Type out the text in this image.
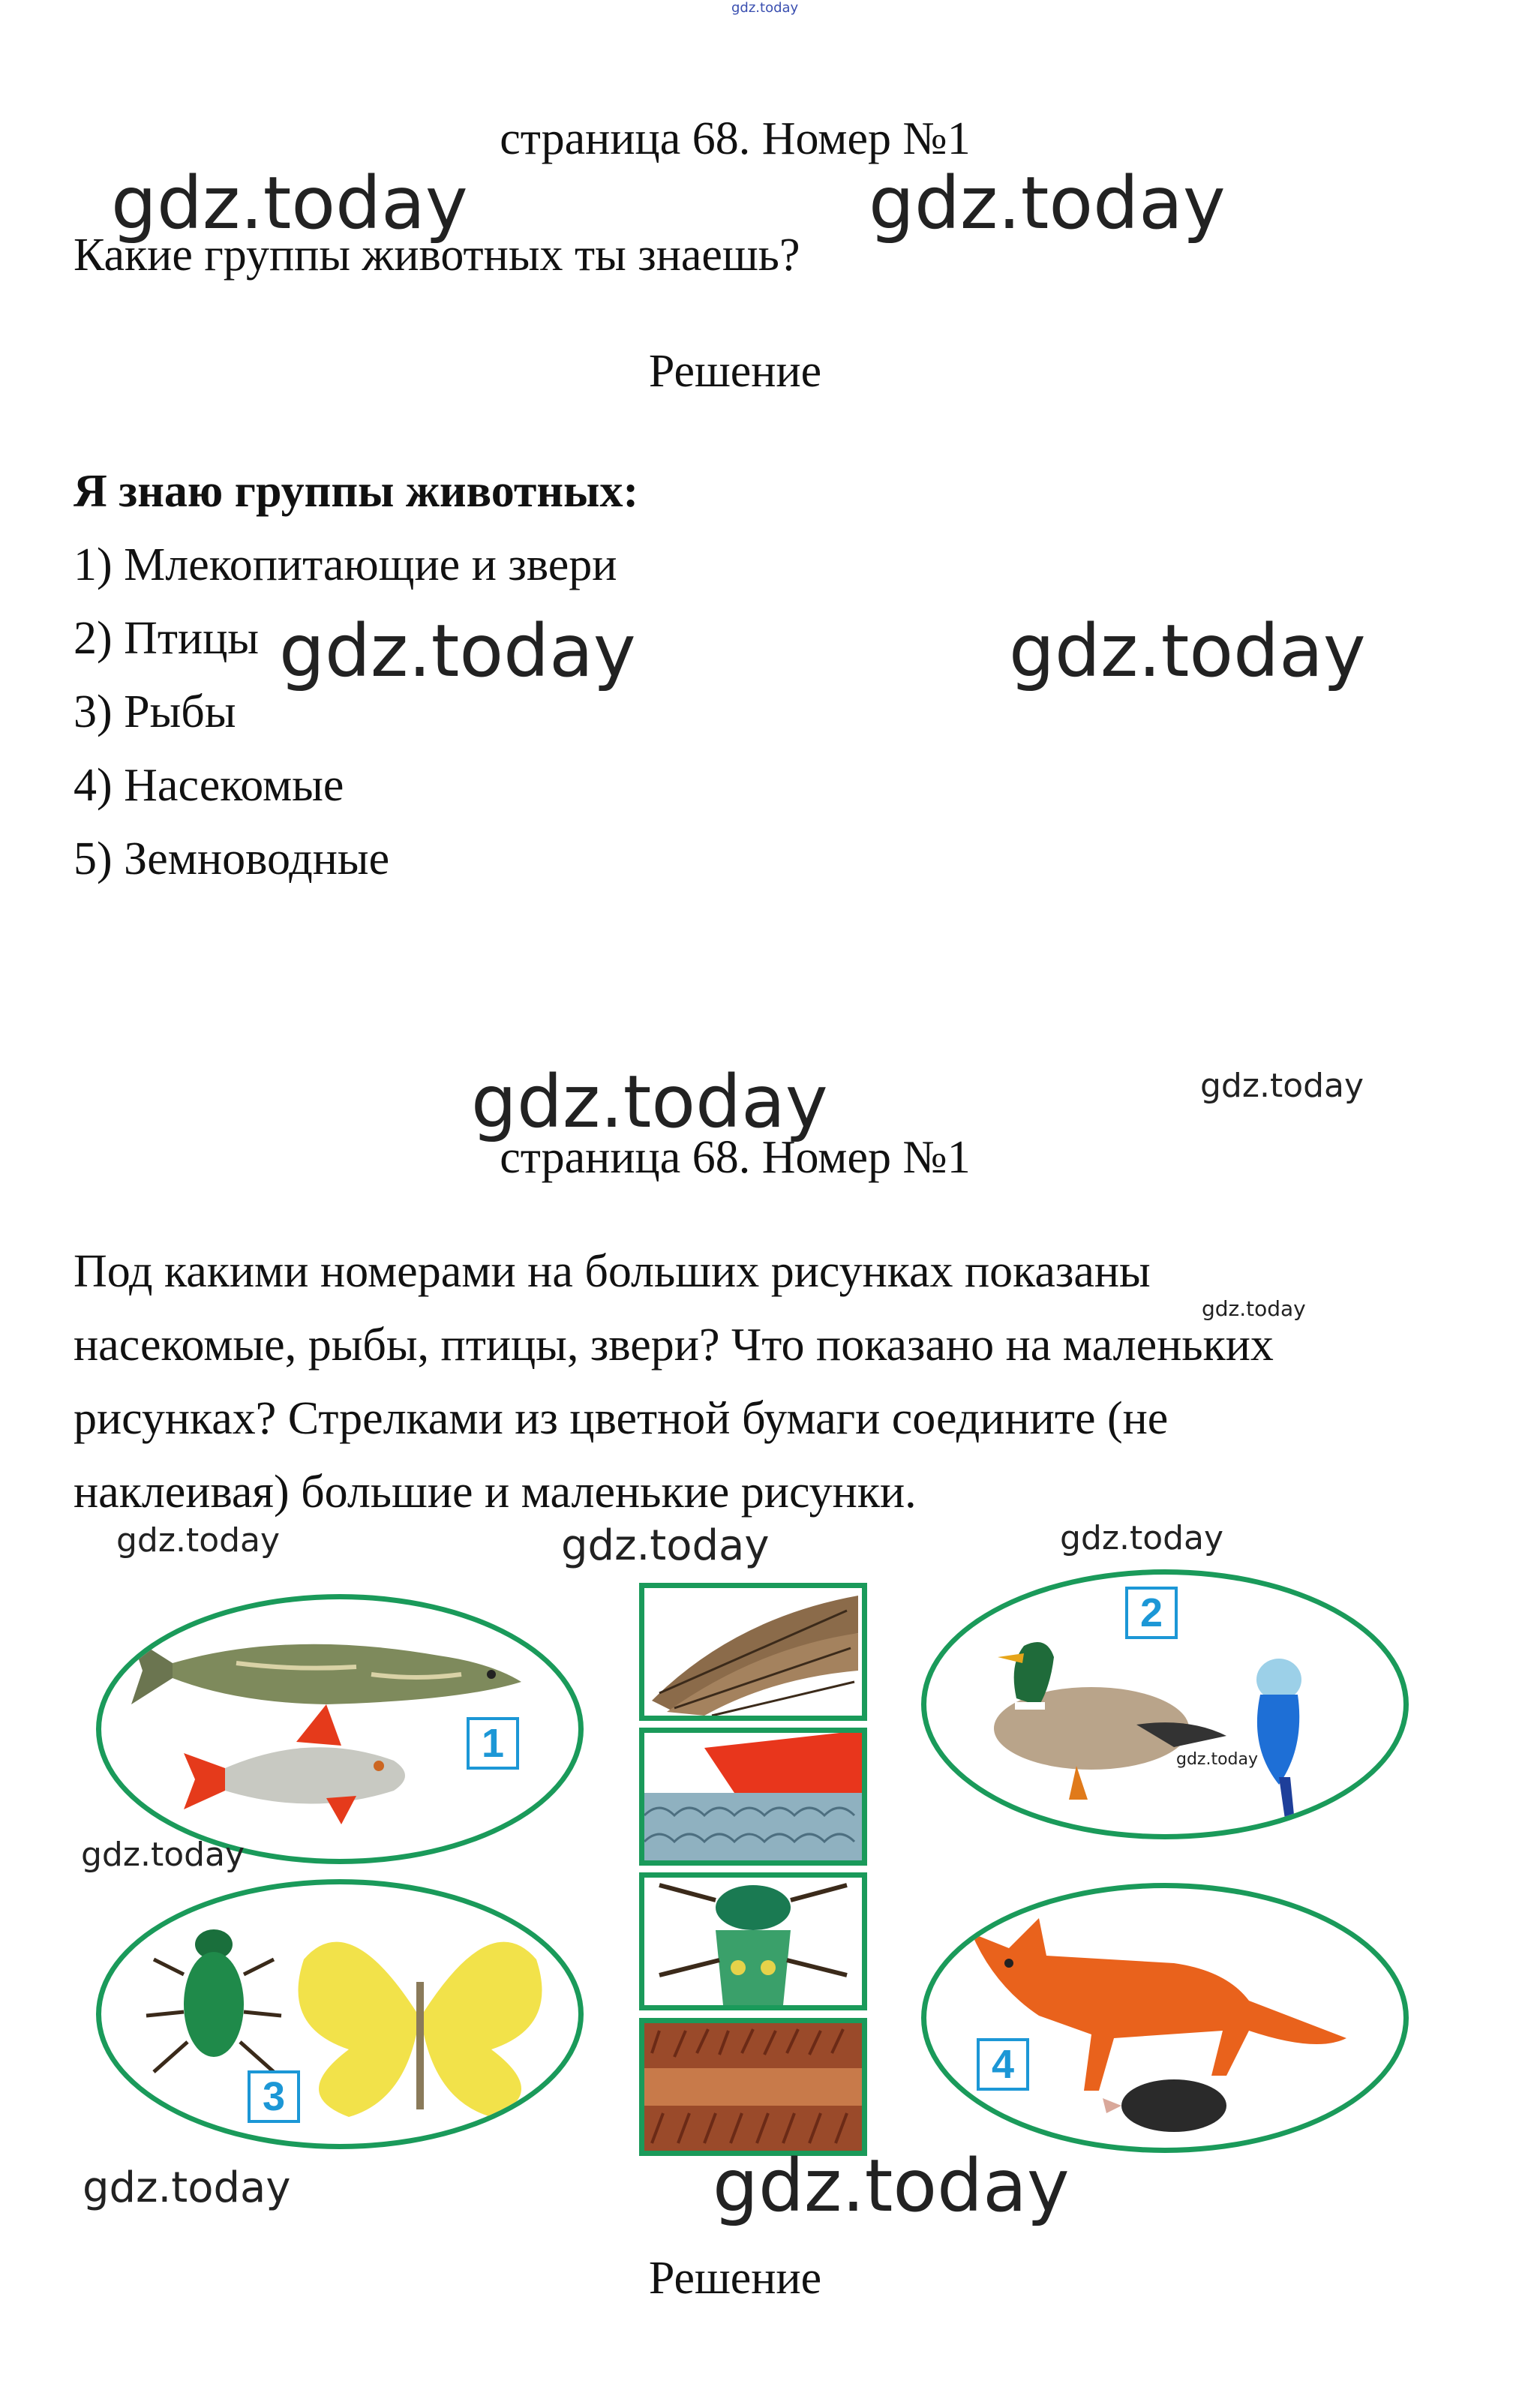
gdz.today
страница 68. Номер №1
Какие группы животных ты знаешь?
Решение
Я знаю группы животных:
1) Млекопитающие и звери
2) Птицы
3) Рыбы
4) Насекомые
5) Земноводные
gdz.today	gdz.today
gdz.today	gdz.today
gdz.today	gdz.today
страница 68. Номер №1
Под какими номерами на больших рисунках показаны
насекомые, рыбы, птицы, звери? Что показано на маленьких
рисунках? Стрелками из цветной бумаги соедините (не
наклеивая) большие и маленькие рисунки.
gdz.today
1
2
gdz.today
3
4
gdz.today	gdz.today	gdz.today
gdz.today
gdz.today	gdz.today
Решение
